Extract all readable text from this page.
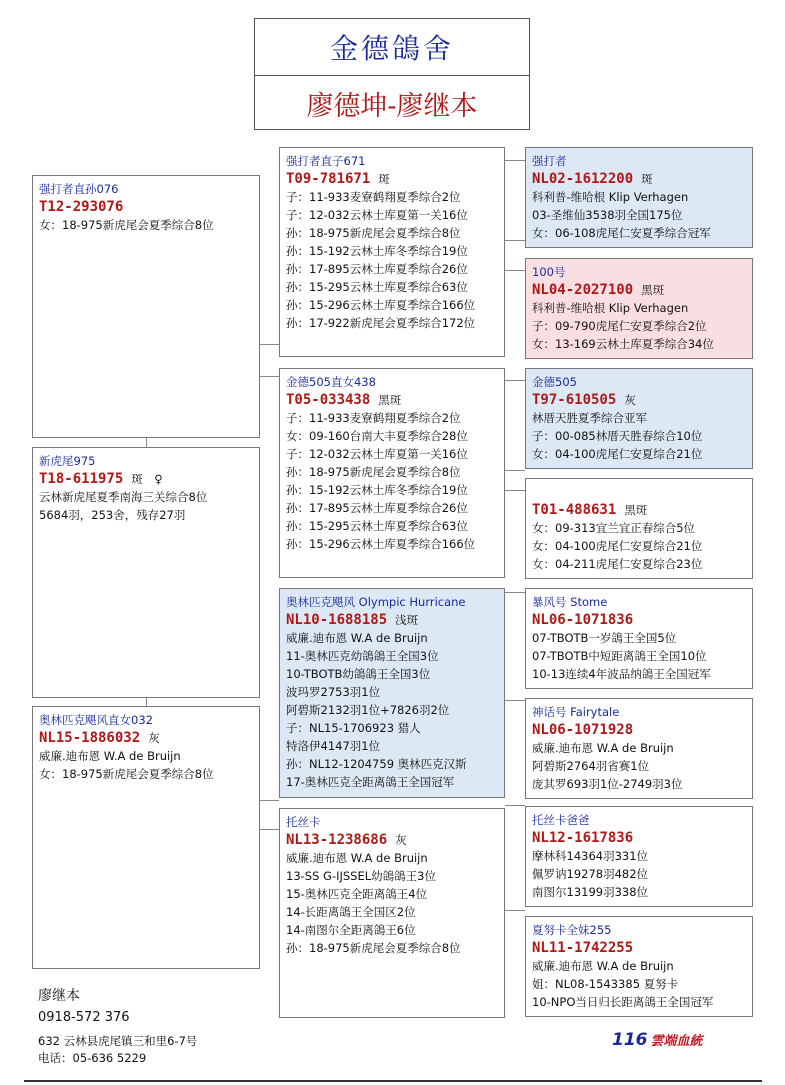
金德鴿舍
廖德坤-廖继本
强打者直孙076
T12-293076
女：18-975新虎尾会夏季综合8位
新虎尾975
T18-611975 斑　♀
云林新虎尾夏季南海三关综合8位
5684羽，253舍，残存27羽
奥林匹克飓风直女032
NL15-1886032 灰
威廉.迪布恩 W.A de Bruijn
女：18-975新虎尾会夏季综合8位
强打者直子671
T09-781671 斑
子：11-933麦寮鹤翔夏季综合2位
子：12-032云林土库夏第一关16位
孙：18-975新虎尾会夏季综合8位
孙：15-192云林土库冬季综合19位
孙：17-895云林土库夏季综合26位
孙：15-295云林土库夏季综合63位
孙：15-296云林土库夏季综合166位
孙：17-922新虎尾会夏季综合172位
金德505直女438
T05-033438 黑斑
子：11-933麦寮鹤翔夏季综合2位
女：09-160台南大丰夏季综合28位
子：12-032云林土库夏第一关16位
孙：18-975新虎尾会夏季综合8位
孙：15-192云林土库冬季综合19位
孙：17-895云林土库夏季综合26位
孙：15-295云林土库夏季综合63位
孙：15-296云林土库夏季综合166位
奥林匹克飓风 Olympic Hurricane
NL10-1688185 浅斑
威廉.迪布恩 W.A de Bruijn
11-奥林匹克幼鴿鴿王全国3位
10-TBOTB幼鴿鴿王全国3位
波玛罗2753羽1位
阿碧斯2132羽1位+7826羽2位
子：NL15-1706923 猎人
特洛伊4147羽1位
孙：NL12-1204759 奥林匹克汉斯
17-奥林匹克全距离鴿王全国冠军
托丝卡
NL13-1238686 灰
威廉.迪布恩 W.A de Bruijn
13-SS G-IJSSEL幼鴿鴿王3位
15-奥林匹克全距离鴿王4位
14-长距离鴿王全国区2位
14-南图尔全距离鴿王6位
孙：18-975新虎尾会夏季综合8位
强打者
NL02-1612200 斑
科利普-维哈根 Klip Verhagen
03-圣维仙3538羽全国175位
女：06-108虎尾仁安夏季综合冠军
100号
NL04-2027100 黑斑
科利普-维哈根 Klip Verhagen
子：09-790虎尾仁安夏季综合2位
女：13-169云林土库夏季综合34位
金德505
T97-610505 灰
林厝天胜夏季综合亚军
子：00-085林厝天胜春综合10位
女：04-100虎尾仁安夏综合21位
T01-488631 黑斑
女：09-313宜兰宜正春综合5位
女：04-100虎尾仁安夏综合21位
女：04-211虎尾仁安夏综合23位
暴风号 Stome
NL06-1071836
07-TBOTB一岁鴿王全国5位
07-TBOTB中短距离鴿王全国10位
10-13连续4年波品纳鴿王全国冠军
神话号 Fairytale
NL06-1071928
威廉.迪布恩 W.A de Bruijn
阿碧斯2764羽省赛1位
庞其罗693羽1位-2749羽3位
托丝卡爸爸
NL12-1617836
摩林科14364羽331位
佩罗讷19278羽482位
南图尔13199羽338位
夏努卡全妹255
NL11-1742255
威廉.迪布恩 W.A de Bruijn
姐：NL08-1543385 夏努卡
10-NPO当日归长距离鴿王全国冠军
廖继本
0918-572 376
632 云林县虎尾镇三和里6-7号
电话：05-636 5229
116 雲端血統
